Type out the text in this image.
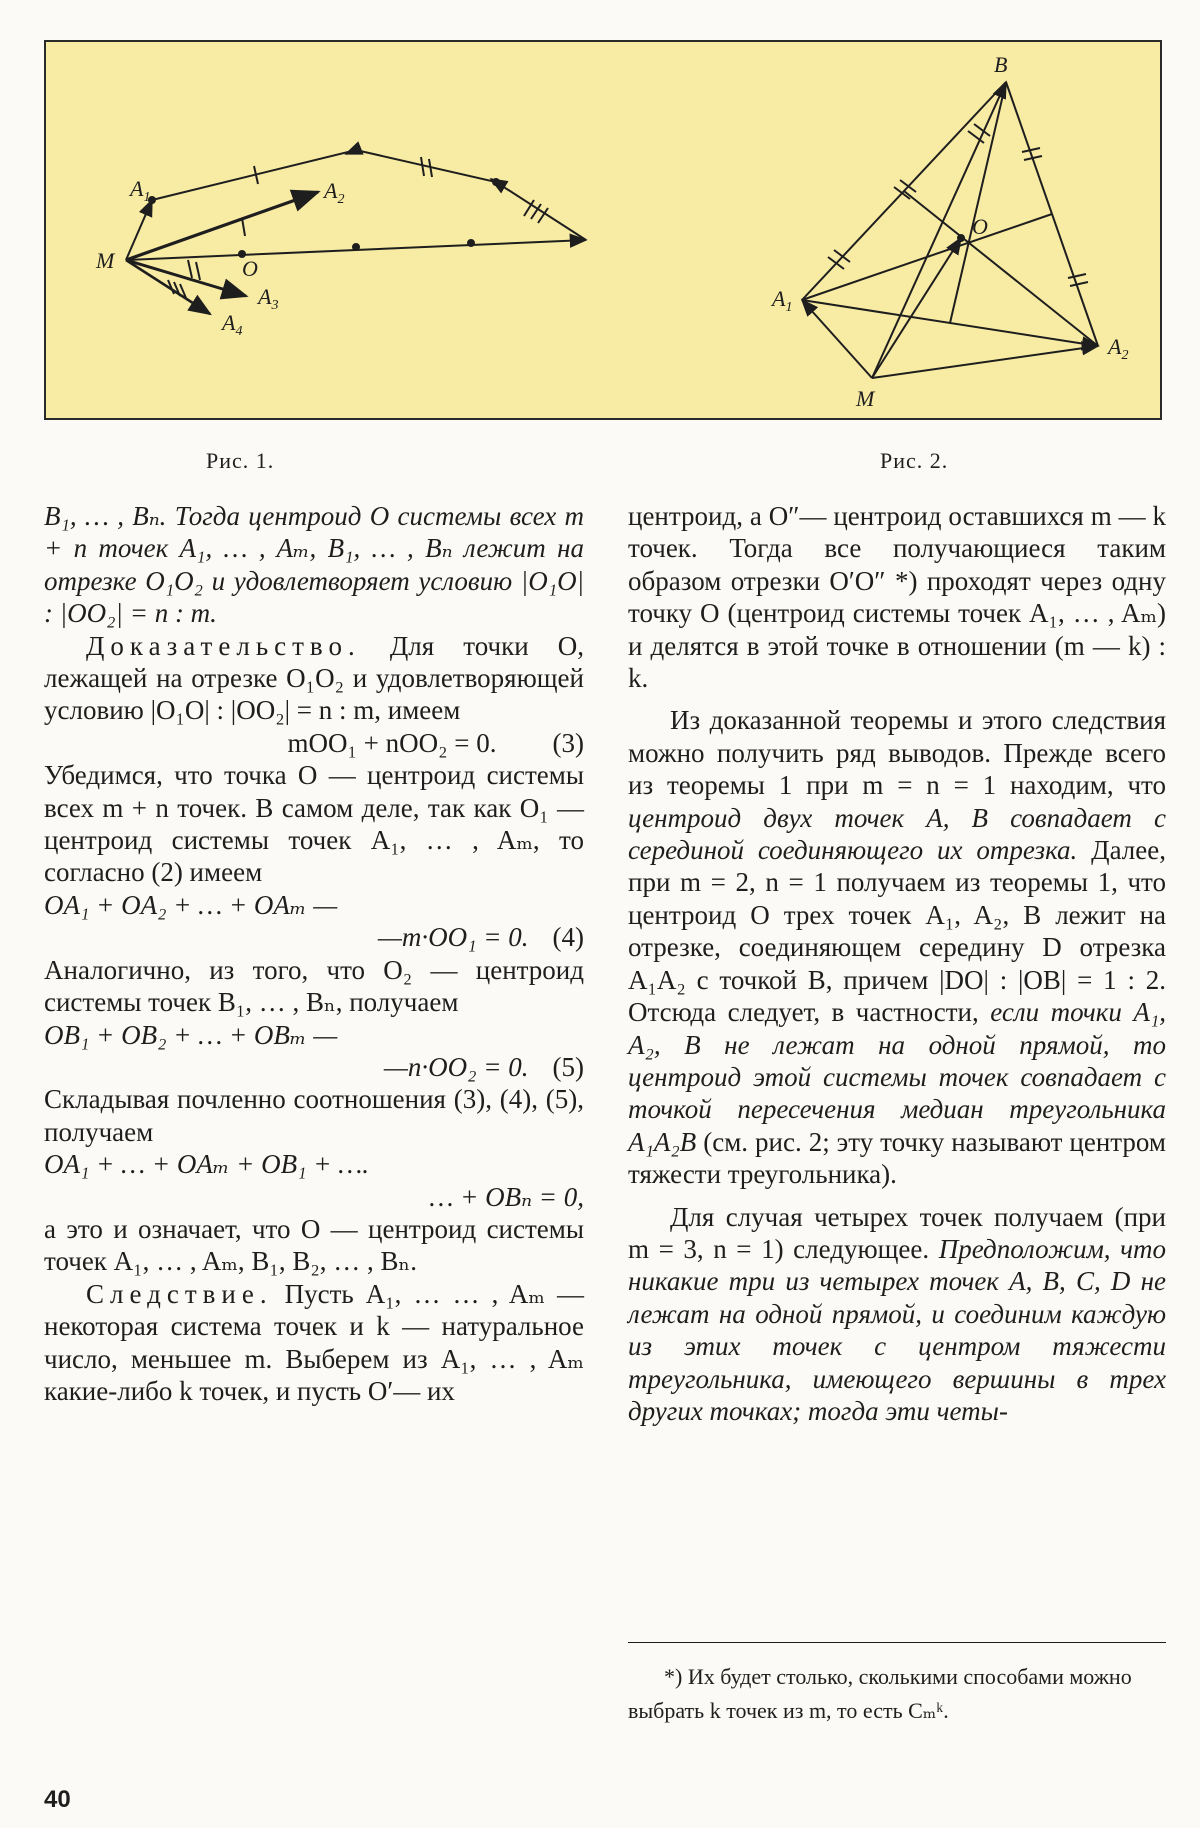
M
$A_1$	$A_2$
O
$A_3$
$A_4$
B
O
$A_1$
$A_2$
M
Рис. 1.	Рис. 2.

B₁, … , Bₙ. Тогда центроид O системы всех m + n точек A₁, … , Aₘ, B₁, … , Bₙ лежит на отрезке O₁O₂ и удовлетворяет условию |O₁O| : |OO₂| = n : m.

Доказательство. Для точки O, лежащей на отрезке O₁O₂ и удовлетворяющей условию |O₁O| : |OO₂| = n : m, имеем

mOO₁ + nOO₂ = 0. (3)

Убедимся, что точка O — центроид системы всех m + n точек. В самом деле, так как O₁ — центроид системы точек A₁, … , Aₘ, то согласно (2) имеем

OA₁ + OA₂ + … + OAₘ —

—m·OO₁ = 0. (4)

Аналогично, из того, что O₂ — центроид системы точек B₁, … , Bₙ, получаем

OB₁ + OB₂ + … + OBₘ —

—n·OO₂ = 0. (5)

Складывая почленно соотношения (3), (4), (5), получаем

OA₁ + … + OAₘ + OB₁ + ….

… + OBₙ = 0,

а это и означает, что O — центроид системы точек A₁, … , Aₘ, B₁, B₂, … , Bₙ.

Следствие. Пусть A₁, … … , Aₘ — некоторая система точек и k — натуральное число, меньшее m. Выберем из A₁, … , Aₘ какие-либо k точек, и пусть O′— их

центроид, а O″— центроид оставшихся m — k точек. Тогда все получающиеся таким образом отрезки O′O″ *) проходят через одну точку O (центроид системы точек A₁, … , Aₘ) и делятся в этой точке в отношении (m — k) : k.

Из доказанной теоремы и этого следствия можно получить ряд выводов. Прежде всего из теоремы 1 при m = n = 1 находим, что центроид двух точек A, B совпадает с серединой соединяющего их отрезка. Далее, при m = 2, n = 1 получаем из теоремы 1, что центроид O трех точек A₁, A₂, B лежит на отрезке, соединяющем середину D отрезка A₁A₂ с точкой B, причем |DO| : |OB| = 1 : 2. Отсюда следует, в частности, если точки A₁, A₂, B не лежат на одной прямой, то центроид этой системы точек совпадает с точкой пересечения медиан треугольника A₁A₂B (см. рис. 2; эту точку называют центром тяжести треугольника).

Для случая четырех точек получаем (при m = 3, n = 1) следующее. Предположим, что никакие три из четырех точек A, B, C, D не лежат на одной прямой, и соединим каждую из этих точек с центром тяжести треугольника, имеющего вершины в трех других точках; тогда эти четы-

*) Их будет столько, сколькими способами можно выбрать k точек из m, то есть Cₘᵏ.
40
